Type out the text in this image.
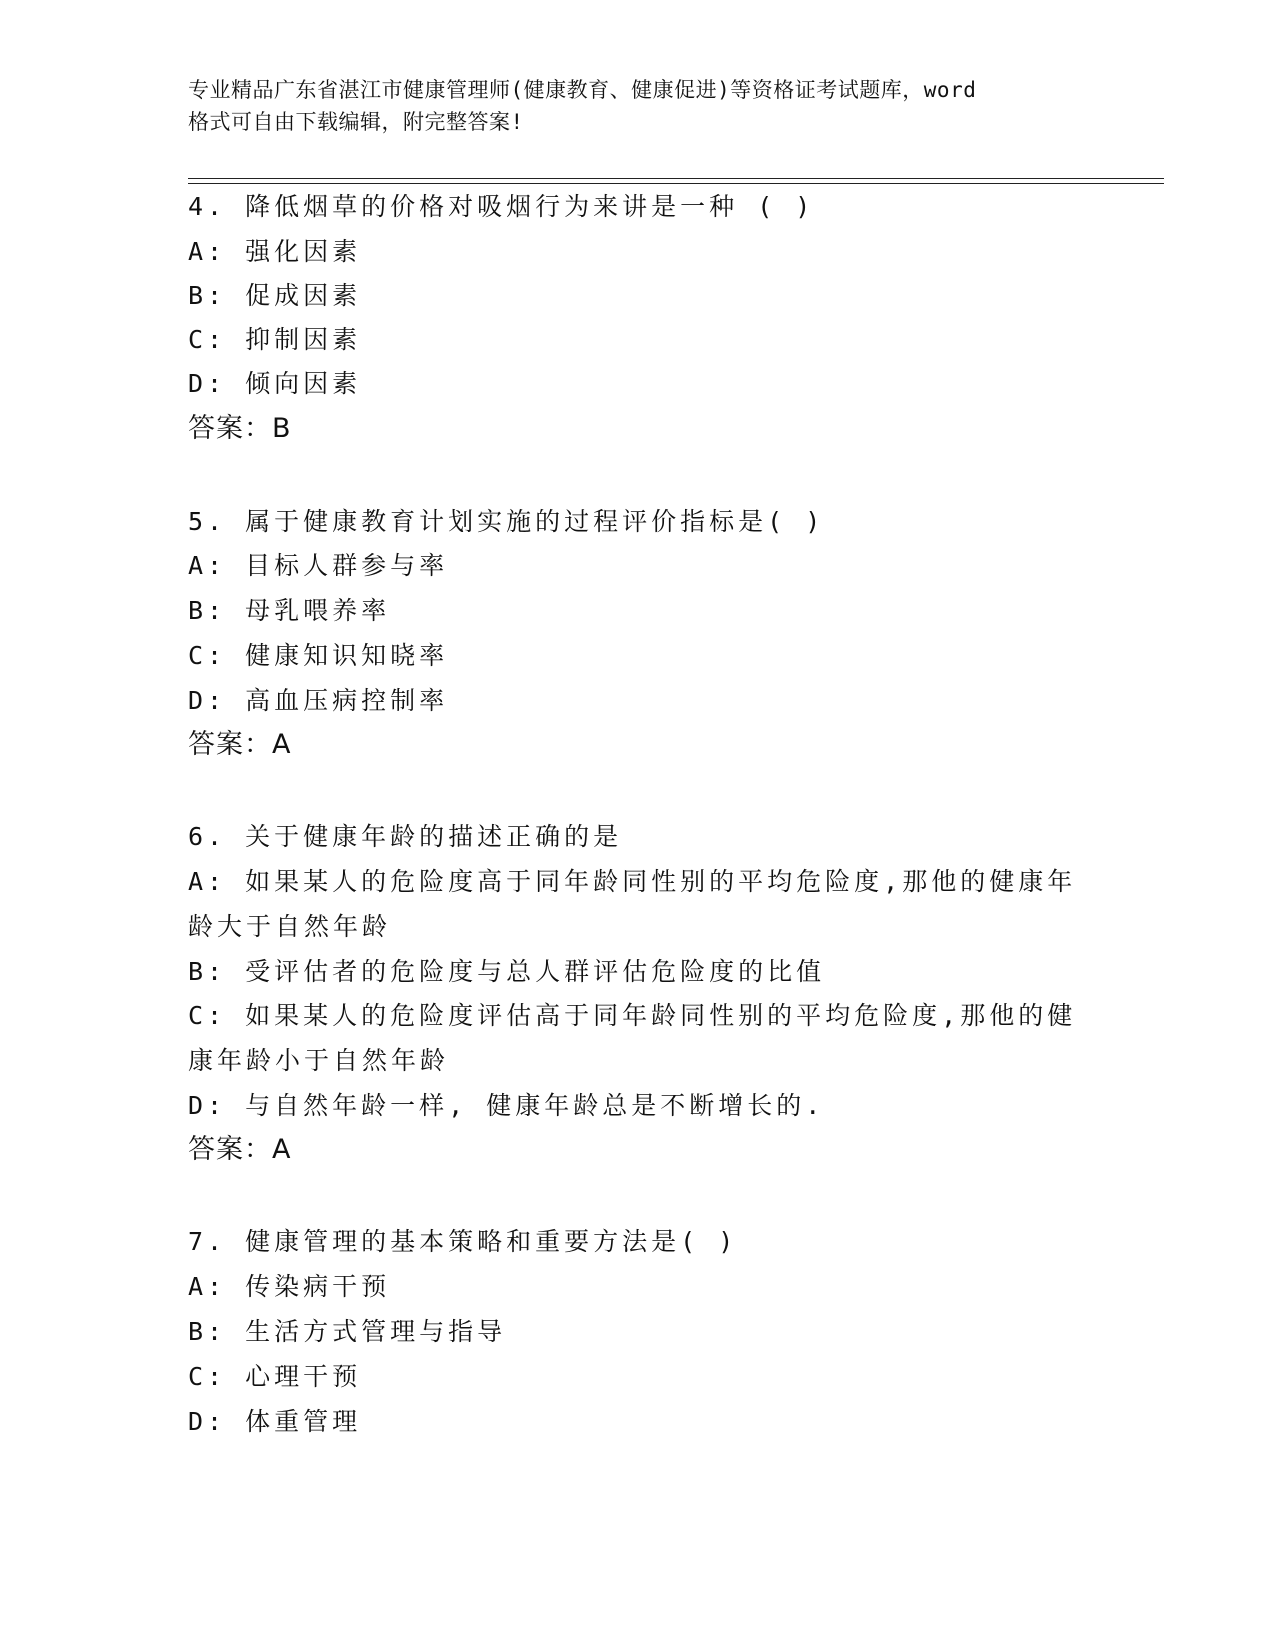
专业精品广东省湛江市健康管理师(健康教育、健康促进)等资格证考试题库，word
格式可自由下载编辑，附完整答案!
4. 降低烟草的价格对吸烟行为来讲是一种 ( )
A: 强化因素
B: 促成因素
C: 抑制因素
D: 倾向因素
答案：B
5. 属于健康教育计划实施的过程评价指标是( )
A: 目标人群参与率
B: 母乳喂养率
C: 健康知识知晓率
D: 高血压病控制率
答案：A
6. 关于健康年龄的描述正确的是
A: 如果某人的危险度高于同年龄同性别的平均危险度,那他的健康年
龄大于自然年龄
B: 受评估者的危险度与总人群评估危险度的比值
C: 如果某人的危险度评估高于同年龄同性别的平均危险度,那他的健
康年龄小于自然年龄
D: 与自然年龄一样, 健康年龄总是不断增长的.
答案：A
7. 健康管理的基本策略和重要方法是( )
A: 传染病干预
B: 生活方式管理与指导
C: 心理干预
D: 体重管理
